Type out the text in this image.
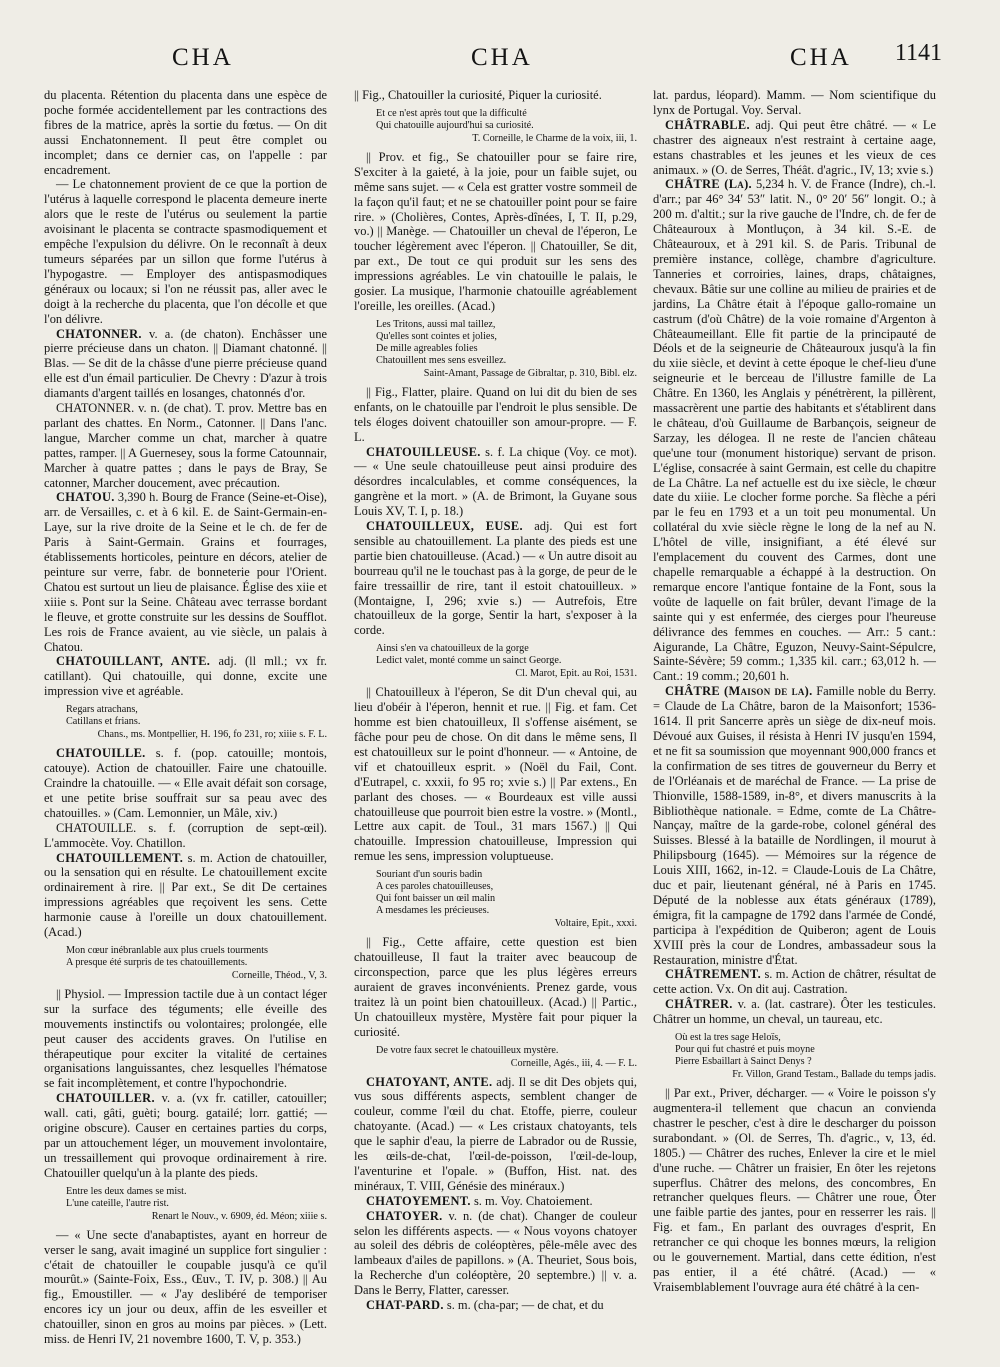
CHA	CHA	CHA 1141

du placenta. Rétention du placenta dans une espèce de poche formée accidentellement par les contractions des fibres de la matrice, après la sortie du fœtus. — On dit aussi Enchatonnement. Il peut être complet ou incomplet; dans ce dernier cas, on l'appelle : par encadrement.

— Le chatonnement provient de ce que la portion de l'utérus à laquelle correspond le placenta demeure inerte alors que le reste de l'utérus ou seulement la partie avoisinant le placenta se contracte spasmodiquement et empêche l'expulsion du délivre. On le reconnaît à deux tumeurs séparées par un sillon que forme l'utérus à l'hypogastre. — Employer des antispasmodiques généraux ou locaux; si l'on ne réussit pas, aller avec le doigt à la recherche du placenta, que l'on décolle et que l'on délivre.

CHATONNER. v. a. (de chaton). Enchâsser une pierre précieuse dans un chaton. || Diamant chatonné. || Blas. — Se dit de la châsse d'une pierre précieuse quand elle est d'un émail particulier. De Chevry : D'azur à trois diamants d'argent taillés en losanges, chatonnés d'or.

CHATONNER. v. n. (de chat). T. prov. Mettre bas en parlant des chattes. En Norm., Catonner. || Dans l'anc. langue, Marcher comme un chat, marcher à quatre pattes, ramper. || A Guernesey, sous la forme Catounnair, Marcher à quatre pattes ; dans le pays de Bray, Se catonner, Marcher doucement, avec précaution.

CHATOU. 3,390 h. Bourg de France (Seine-et-Oise), arr. de Versailles, c. et à 6 kil. E. de Saint-Germain-en-Laye, sur la rive droite de la Seine et le ch. de fer de Paris à Saint-Germain. Grains et fourrages, établissements horticoles, peinture en décors, atelier de peinture sur verre, fabr. de bonneterie pour l'Orient. Chatou est surtout un lieu de plaisance. Église des xiie et xiiie s. Pont sur la Seine. Château avec terrasse bordant le fleuve, et grotte construite sur les dessins de Soufflot. Les rois de France avaient, au vie siècle, un palais à Chatou.

CHATOUILLANT, ANTE. adj. (ll mll.; vx fr. catillant). Qui chatouille, qui donne, excite une impression vive et agréable.

Regars atrachans,
Catillans et frians.
Chans., ms. Montpellier, H. 196, fo 231, ro; xiiie s. F. L.

CHATOUILLE. s. f. (pop. catouille; montois, catouye). Action de chatouiller. Faire une chatouille. Craindre la chatouille. — « Elle avait défait son corsage, et une petite brise souffrait sur sa peau avec des chatouilles. » (Cam. Lemonnier, un Mâle, xiv.)

CHATOUILLE. s. f. (corruption de sept-œil). L'ammocète. Voy. Chatillon.

CHATOUILLEMENT. s. m. Action de chatouiller, ou la sensation qui en résulte. Le chatouillement excite ordinairement à rire. || Par ext., Se dit De certaines impressions agréables que reçoivent les sens. Cette harmonie cause à l'oreille un doux chatouillement. (Acad.)

Mon cœur inébranlable aux plus cruels tourments
A presque été surpris de tes chatouillements.
Corneille, Théod., V, 3.

|| Physiol. — Impression tactile due à un contact léger sur la surface des téguments; elle éveille des mouvements instinctifs ou volontaires; prolongée, elle peut causer des accidents graves. On l'utilise en thérapeutique pour exciter la vitalité de certaines organisations languissantes, chez lesquelles l'hématose se fait incomplètement, et contre l'hypochondrie.

CHATOUILLER. v. a. (vx fr. catiller, catouiller; wall. cati, gâti, guèti; bourg. gatailé; lorr. gattié; — origine obscure). Causer en certaines parties du corps, par un attouchement léger, un mouvement involontaire, un tressaillement qui provoque ordinairement à rire. Chatouiller quelqu'un à la plante des pieds.

Entre les deux dames se mist.
L'une cateille, l'autre rist.
Renart le Nouv., v. 6909, éd. Méon; xiiie s.

— « Une secte d'anabaptistes, ayant en horreur de verser le sang, avait imaginé un supplice fort singulier : c'était de chatouiller le coupable jusqu'à ce qu'il mourût.» (Sainte-Foix, Ess., Œuv., T. IV, p. 308.) || Au fig., Emoustiller. — « J'ay deslibéré de temporiser encores icy un jour ou deux, affin de les esveiller et chatouiller, sinon en gros au moins par pièces. » (Lett. miss. de Henri IV, 21 novembre 1600, T. V, p. 353.)

|| Fig., Chatouiller la curiosité, Piquer la curiosité.

Et ce n'est après tout que la difficulté
Qui chatouille aujourd'hui sa curiosité.
T. Corneille, le Charme de la voix, iii, 1.

|| Prov. et fig., Se chatouiller pour se faire rire, S'exciter à la gaieté, à la joie, pour un faible sujet, ou même sans sujet. — « Cela est gratter vostre sommeil de la façon qu'il faut; et ne se chatouiller point pour se faire rire. » (Cholières, Contes, Après-dînées, I, T. II, p.29, vo.) || Manège. — Chatouiller un cheval de l'éperon, Le toucher légèrement avec l'éperon. || Chatouiller, Se dit, par ext., De tout ce qui produit sur les sens des impressions agréables. Le vin chatouille le palais, le gosier. La musique, l'harmonie chatouille agréablement l'oreille, les oreilles. (Acad.)

Les Tritons, aussi mal taillez,
Qu'elles sont cointes et jolies,
De mille agreables folies
Chatouillent mes sens esveillez.
Saint-Amant, Passage de Gibraltar, p. 310, Bibl. elz.

|| Fig., Flatter, plaire. Quand on lui dit du bien de ses enfants, on le chatouille par l'endroit le plus sensible. De tels éloges doivent chatouiller son amour-propre. — F. L.

CHATOUILLEUSE. s. f. La chique (Voy. ce mot). — « Une seule chatouilleuse peut ainsi produire des désordres incalculables, et comme conséquences, la gangrène et la mort. » (A. de Brimont, la Guyane sous Louis XV, T. I, p. 18.)

CHATOUILLEUX, EUSE. adj. Qui est fort sensible au chatouillement. La plante des pieds est une partie bien chatouilleuse. (Acad.) — « Un autre disoit au bourreau qu'il ne le touchast pas à la gorge, de peur de le faire tressaillir de rire, tant il estoit chatouilleux. » (Montaigne, I, 296; xvie s.) — Autrefois, Etre chatouilleux de la gorge, Sentir la hart, s'exposer à la corde.

Ainsi s'en va chatouilleux de la gorge
Ledict valet, monté comme un sainct George.
Cl. Marot, Epit. au Roi, 1531.

|| Chatouilleux à l'éperon, Se dit D'un cheval qui, au lieu d'obéir à l'éperon, hennit et rue. || Fig. et fam. Cet homme est bien chatouilleux, Il s'offense aisément, se fâche pour peu de chose. On dit dans le même sens, Il est chatouilleux sur le point d'honneur. — « Antoine, de vif et chatouilleux esprit. » (Noël du Fail, Cont. d'Eutrapel, c. xxxii, fo 95 ro; xvie s.) || Par extens., En parlant des choses. — « Bourdeaux est ville aussi chatouilleuse que pourroit bien estre la vostre. » (Montl., Lettre aux capit. de Toul., 31 mars 1567.) || Qui chatouille. Impression chatouilleuse, Impression qui remue les sens, impression voluptueuse.

Souriant d'un souris badin
A ces paroles chatouilleuses,
Qui font baisser un œil malin
A mesdames les précieuses.
Voltaire, Epit., xxxi.

|| Fig., Cette affaire, cette question est bien chatouilleuse, Il faut la traiter avec beaucoup de circonspection, parce que les plus légères erreurs auraient de graves inconvénients. Prenez garde, vous traitez là un point bien chatouilleux. (Acad.) || Partic., Un chatouilleux mystère, Mystère fait pour piquer la curiosité.

De votre faux secret le chatouilleux mystère.
Corneille, Agés., iii, 4. — F. L.

CHATOYANT, ANTE. adj. Il se dit Des objets qui, vus sous différents aspects, semblent changer de couleur, comme l'œil du chat. Etoffe, pierre, couleur chatoyante. (Acad.) — « Les cristaux chatoyants, tels que le saphir d'eau, la pierre de Labrador ou de Russie, les œils-de-chat, l'œil-de-poisson, l'œil-de-loup, l'aventurine et l'opale. » (Buffon, Hist. nat. des minéraux, T. VIII, Génésie des minéraux.)

CHATOYEMENT. s. m. Voy. Chatoiement.

CHATOYER. v. n. (de chat). Changer de couleur selon les différents aspects. — « Nous voyons chatoyer au soleil des débris de coléoptères, pêle-mêle avec des lambeaux d'ailes de papillons. » (A. Theuriet, Sous bois, la Recherche d'un coléoptère, 20 septembre.) || v. a. Dans le Berry, Flatter, caresser.

CHAT-PARD. s. m. (cha-par; — de chat, et du

lat. pardus, léopard). Mamm. — Nom scientifique du lynx de Portugal. Voy. Serval.

CHÂTRABLE. adj. Qui peut être châtré. — « Le chastrer des aigneaux n'est restraint à certaine aage, estans chastrables et les jeunes et les vieux de ces animaux. » (O. de Serres, Théât. d'agric., IV, 13; xvie s.)

CHÂTRE (La). 5,234 h. V. de France (Indre), ch.-l. d'arr.; par 46° 34′ 53″ latit. N., 0° 20′ 56″ longit. O.; à 200 m. d'altit.; sur la rive gauche de l'Indre, ch. de fer de Châteauroux à Montluçon, à 34 kil. S.-E. de Châteauroux, et à 291 kil. S. de Paris. Tribunal de première instance, collège, chambre d'agriculture. Tanneries et corroiries, laines, draps, châtaignes, chevaux. Bâtie sur une colline au milieu de prairies et de jardins, La Châtre était à l'époque gallo-romaine un castrum (d'où Châtre) de la voie romaine d'Argenton à Châteaumeillant. Elle fit partie de la principauté de Déols et de la seigneurie de Châteauroux jusqu'à la fin du xiie siècle, et devint à cette époque le chef-lieu d'une seigneurie et le berceau de l'illustre famille de La Châtre. En 1360, les Anglais y pénétrèrent, la pillèrent, massacrèrent une partie des habitants et s'établirent dans le château, d'où Guillaume de Barbançois, seigneur de Sarzay, les délogea. Il ne reste de l'ancien château que'une tour (monument historique) servant de prison. L'église, consacrée à saint Germain, est celle du chapitre de La Châtre. La nef actuelle est du ixe siècle, le chœur date du xiiie. Le clocher forme porche. Sa flèche a péri par le feu en 1793 et a un toit peu monumental. Un collatéral du xvie siècle règne le long de la nef au N. L'hôtel de ville, insignifiant, a été élevé sur l'emplacement du couvent des Carmes, dont une chapelle remarquable a échappé à la destruction. On remarque encore l'antique fontaine de la Font, sous la voûte de laquelle on fait brûler, devant l'image de la sainte qui y est enfermée, des cierges pour l'heureuse délivrance des femmes en couches. — Arr.: 5 cant.: Aigurande, La Châtre, Eguzon, Neuvy-Saint-Sépulcre, Sainte-Sévère; 59 comm.; 1,335 kil. carr.; 63,012 h. — Cant.: 19 comm.; 20,601 h.

CHÂTRE (Maison de la). Famille noble du Berry. = Claude de La Châtre, baron de la Maisonfort; 1536-1614. Il prit Sancerre après un siège de dix-neuf mois. Dévoué aux Guises, il résista à Henri IV jusqu'en 1594, et ne fit sa soumission que moyennant 900,000 francs et la confirmation de ses titres de gouverneur du Berry et de l'Orléanais et de maréchal de France. — La prise de Thionville, 1588-1589, in-8°, et divers manuscrits à la Bibliothèque nationale. = Edme, comte de La Châtre-Nançay, maître de la garde-robe, colonel général des Suisses. Blessé à la bataille de Nordlingen, il mourut à Philipsbourg (1645). — Mémoires sur la régence de Louis XIII, 1662, in-12. = Claude-Louis de La Châtre, duc et pair, lieutenant général, né à Paris en 1745. Député de la noblesse aux états généraux (1789), émigra, fit la campagne de 1792 dans l'armée de Condé, participa à l'expédition de Quiberon; agent de Louis XVIII près la cour de Londres, ambassadeur sous la Restauration, ministre d'État.

CHÂTREMENT. s. m. Action de châtrer, résultat de cette action. Vx. On dit auj. Castration.

CHÂTRER. v. a. (lat. castrare). Ôter les testicules. Châtrer un homme, un cheval, un taureau, etc.

Où est la tres sage Heloïs,
Pour qui fut chastré et puis moyne
Pierre Esbaillart à Sainct Denys ?
Fr. Villon, Grand Testam., Ballade du temps jadis.

|| Par ext., Priver, décharger. — « Voire le poisson s'y augmentera-il tellement que chacun an convienda chastrer le pescher, c'est à dire le descharger du poisson surabondant. » (Ol. de Serres, Th. d'agric., v, 13, éd. 1805.) — Châtrer des ruches, Enlever la cire et le miel d'une ruche. — Châtrer un fraisier, En ôter les rejetons superflus. Châtrer des melons, des concombres, En retrancher quelques fleurs. — Châtrer une roue, Ôter une faible partie des jantes, pour en resserrer les rais. || Fig. et fam., En parlant des ouvrages d'esprit, En retrancher ce qui choque les bonnes mœurs, la religion ou le gouvernement. Martial, dans cette édition, n'est pas entier, il a été châtré. (Acad.) — « Vraisemblablement l'ouvrage aura été châtré à la cen-
